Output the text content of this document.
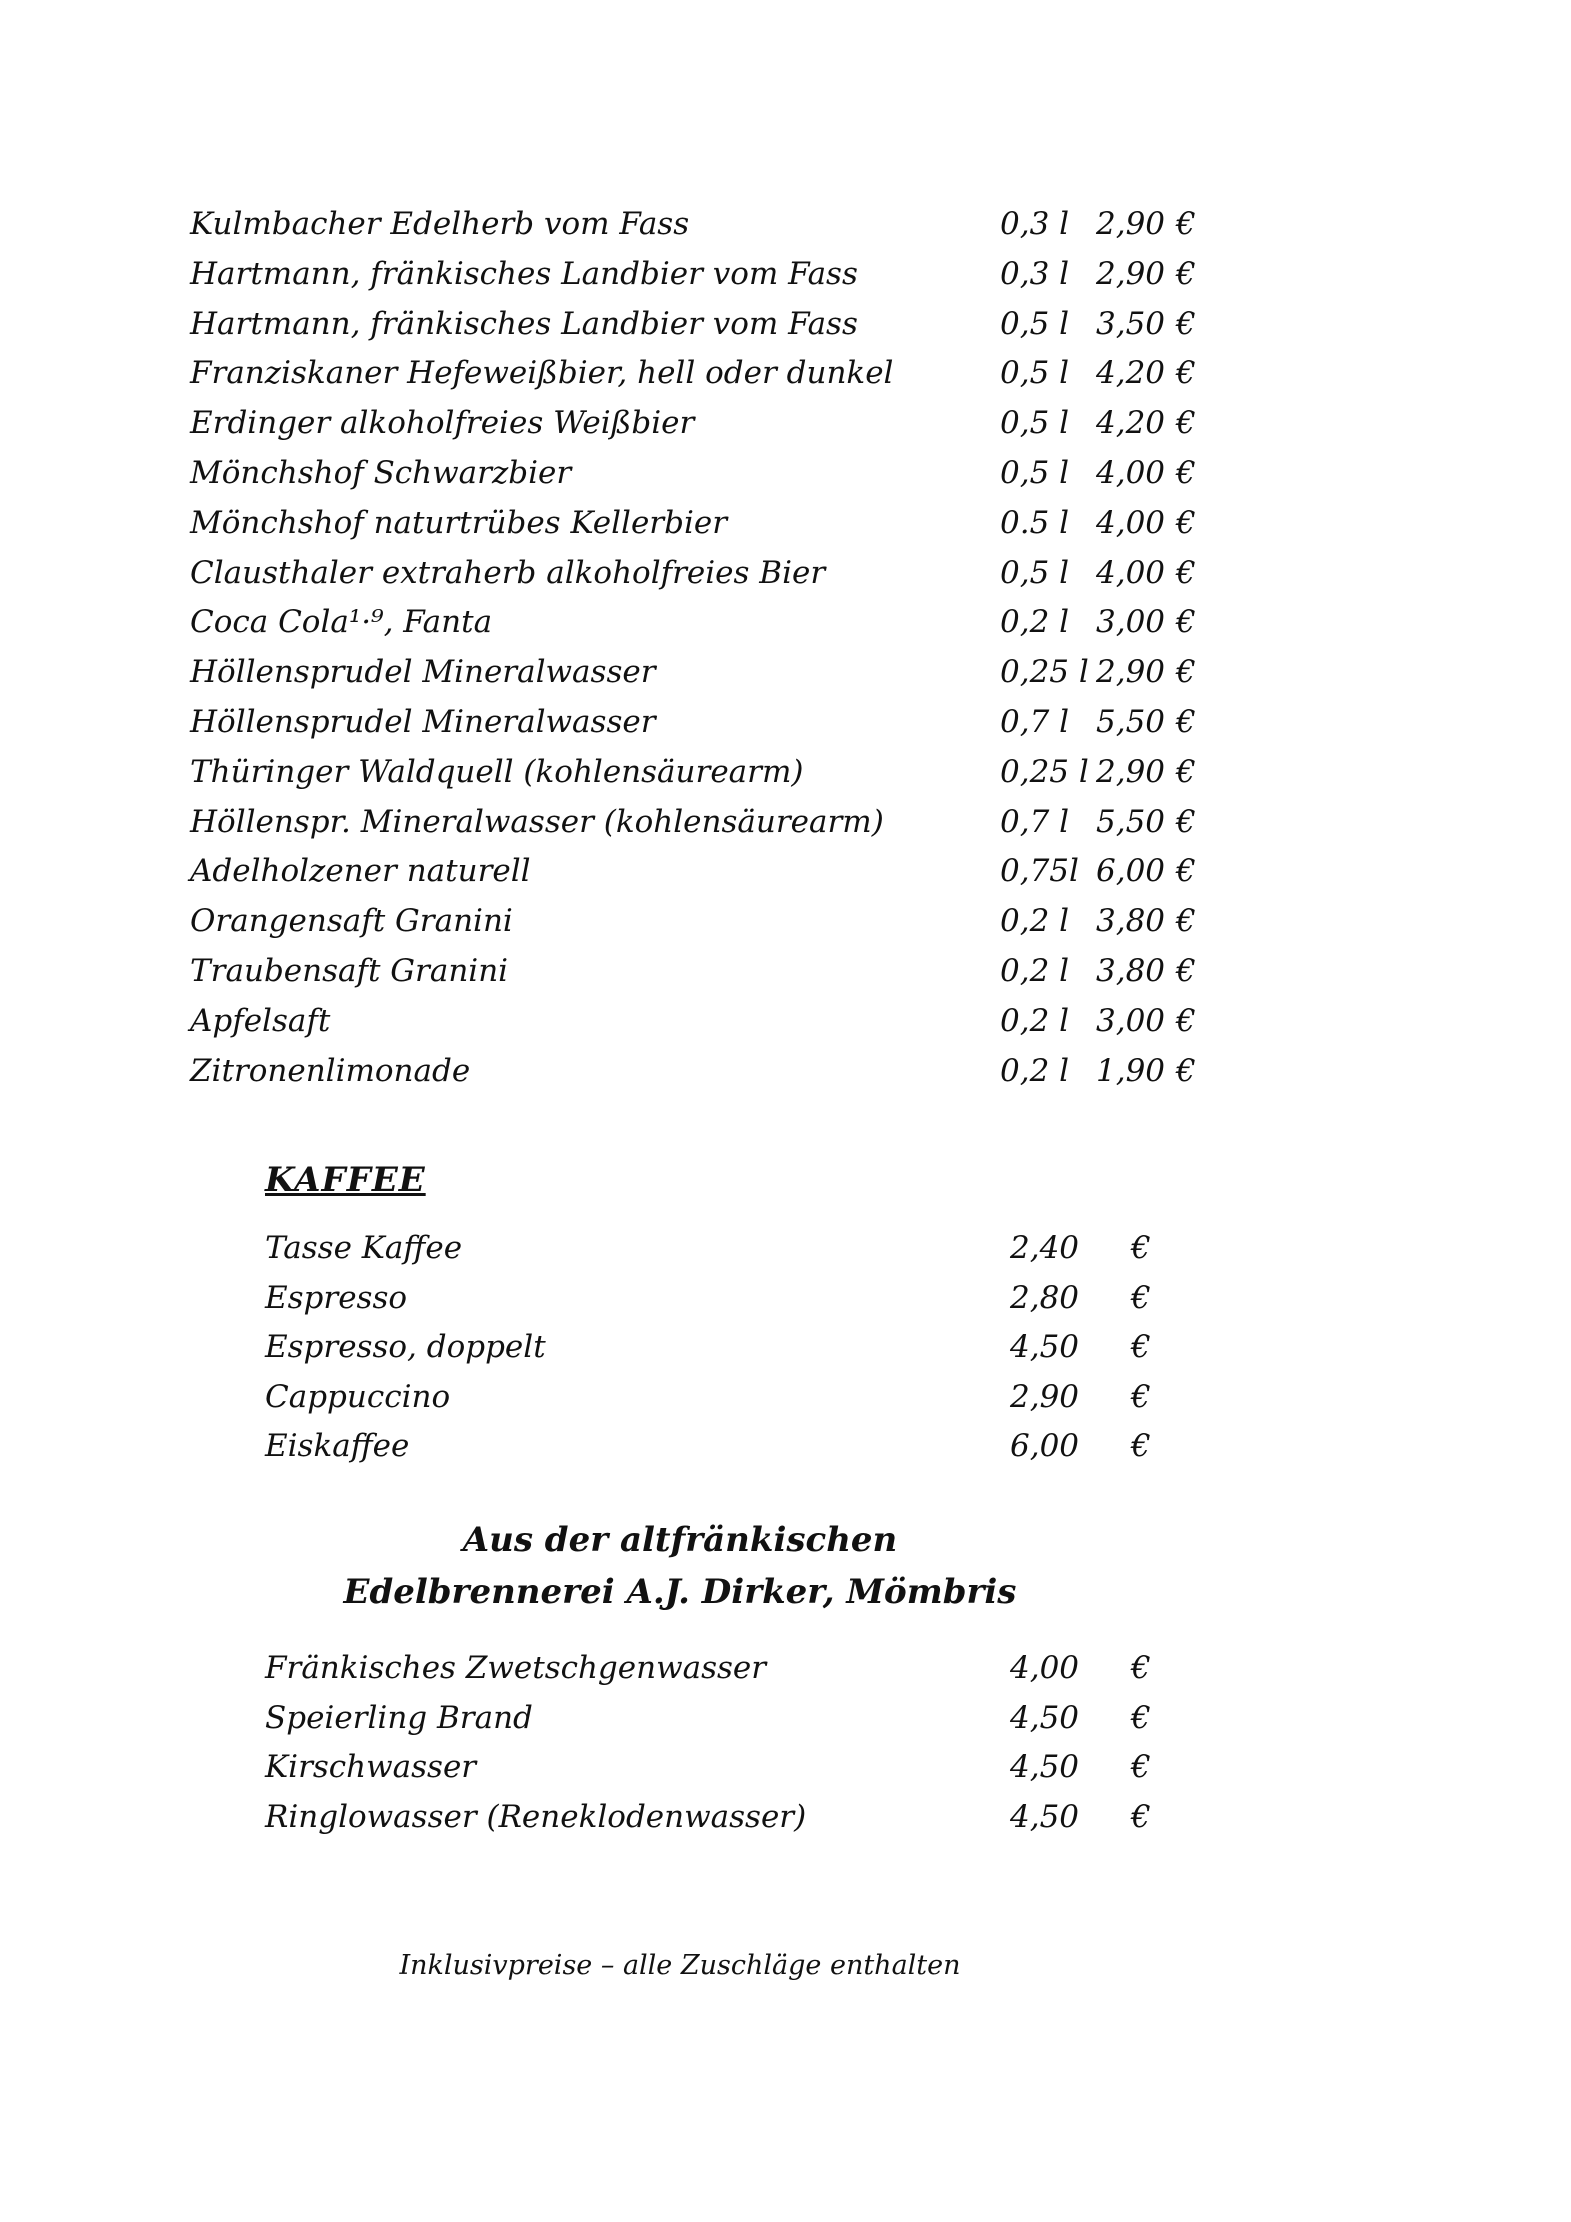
Kulmbacher Edelherb vom Fass	0,3 l 2,90 €
Hartmann, fränkisches Landbier vom Fass	0,3 l 2,90 €
Hartmann, fränkisches Landbier vom Fass	0,5 l 3,50 €
Franziskaner Hefeweißbier, hell oder dunkel	0,5 l 4,20 €
Erdinger alkoholfreies Weißbier	0,5 l 4,20 €
Mönchshof Schwarzbier	0,5 l 4,00 €
Mönchshof naturtrübes Kellerbier	0.5 l 4,00 €
Clausthaler extraherb alkoholfreies Bier	0,5 l 4,00 €
Coca Cola¹·⁹, Fanta	0,2 l 3,00 €
Höllensprudel Mineralwasser	0,25 l 2,90 €
Höllensprudel Mineralwasser	0,7 l 5,50 €
Thüringer Waldquell (kohlensäurearm)	0,25 l 2,90 €
Höllenspr. Mineralwasser (kohlensäurearm)	0,7 l 5,50 €
Adelholzener naturell	0,75l 6,00 €
Orangensaft Granini	0,2 l 3,80 €
Traubensaft Granini	0,2 l 3,80 €
Apfelsaft	0,2 l 3,00 €
Zitronenlimonade	0,2 l 1,90 €
KAFFEE
Tasse Kaffee	2,40 €
Espresso	2,80 €
Espresso, doppelt	4,50 €
Cappuccino	2,90 €
Eiskaffee	6,00 €
Aus der altfränkischen
Edelbrennerei A.J. Dirker, Mömbris
Fränkisches Zwetschgenwasser	4,00 €
Speierling Brand	4,50 €
Kirschwasser	4,50 €
Ringlowasser (Reneklodenwasser)	4,50 €
Inklusivpreise – alle Zuschläge enthalten
